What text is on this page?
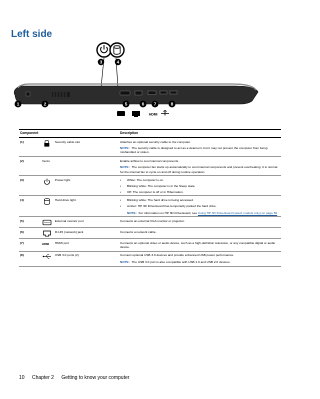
Left side
3	4
1	2	5	6 7	8
HDMI
Component		Description
(1)	Security cable slot	Attaches an optional security cable to the computer.
NOTE: The security cable is designed to act as a deterrent, but it may not prevent the computer from being mishandled or stolen.

(2)	Vents	Enable airflow to cool internal components.
NOTE: The computer fan starts up automatically to cool internal components and prevent overheating. It is normal for the internal fan to cycle on and off during routine operation.

(3)	Power light	• White: The computer is on.
• Blinking white: The computer is in the Sleep state.
• Off: The computer is off or in Hibernation.

(4)	Hard drive light	• Blinking white: The hard drive is being accessed.
• Amber: HP 3D DriveGuard has temporarily parked the hard drive.
NOTE: For information on HP 3D DriveGuard, see Using HP 3D DriveGuard (select models only) on page 59

(5)	External monitor port	Connects an external VGA monitor or projector.
(6)	RJ-45 (network) jack	Connects a network cable.
(7)	HDMI HDMI port	Connects an optional video or audio device, such as a high-definition television, or any compatible digital or audio device.
(8)	USB 3.0 ports (2)	Connect optional USB 3.0 devices and provide enhanced USB power performance.
NOTE: The USB 3.0 port is also compatible with USB 1.0 and USB 2.0 devices.
10 Chapter 2 Getting to know your computer
